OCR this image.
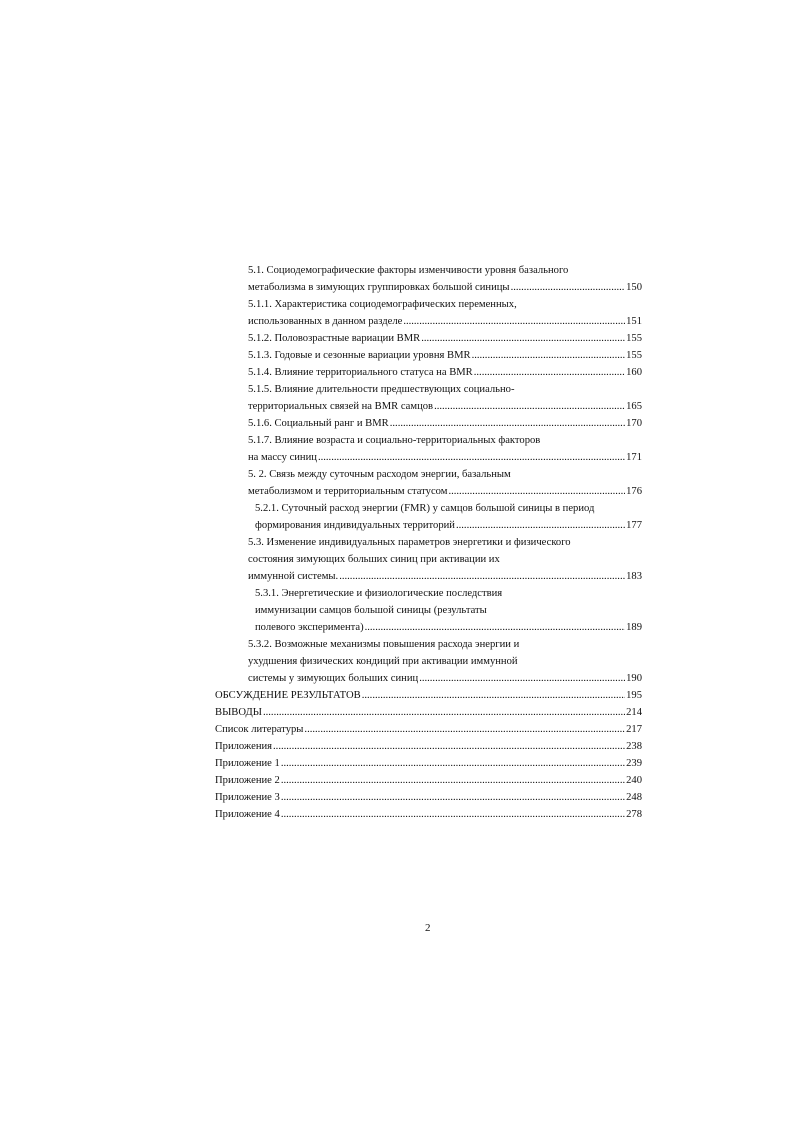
5.1. Социодемографические факторы изменчивости уровня базального
метаболизма в зимующих группировках большой синицы .....	150
5.1.1. Характеристика социодемографических переменных,
использованных в данном разделе .....	151
5.1.2. Половозрастные вариации BMR .....	155
5.1.3. Годовые и сезонные вариации уровня BMR .....	155
5.1.4. Влияние территориального статуса на BMR .....	160
5.1.5. Влияние длительности предшествующих социально-
территориальных связей на BMR самцов .....	165
5.1.6. Социальный ранг и BMR .....	170
5.1.7. Влияние возраста и социально-территориальных факторов
на массу синиц .....	171
5. 2. Связь между суточным расходом энергии, базальным
метаболизмом и территориальным статусом .....	176
5.2.1. Суточный расход энергии (FMR) у самцов большой синицы в период
формирования индивидуальных территорий .....	177
5.3. Изменение индивидуальных параметров энергетики и физического
состояния зимующих больших синиц при активации их
иммунной системы. .....	183
5.3.1. Энергетические и физиологические последствия
иммунизации самцов большой синицы (результаты
полевого эксперимента) .....	189
5.3.2. Возможные механизмы повышения расхода энергии и
ухудшения физических кондиций при активации иммунной
системы у зимующих больших синиц .....	190
ОБСУЖДЕНИЕ РЕЗУЛЬТАТОВ .....	195
ВЫВОДЫ .....	214
Список литературы .....	217
Приложения .....	238
Приложение 1 .....	239
Приложение 2 .....	240
Приложение 3 .....	248
Приложение 4 .....	278
2
